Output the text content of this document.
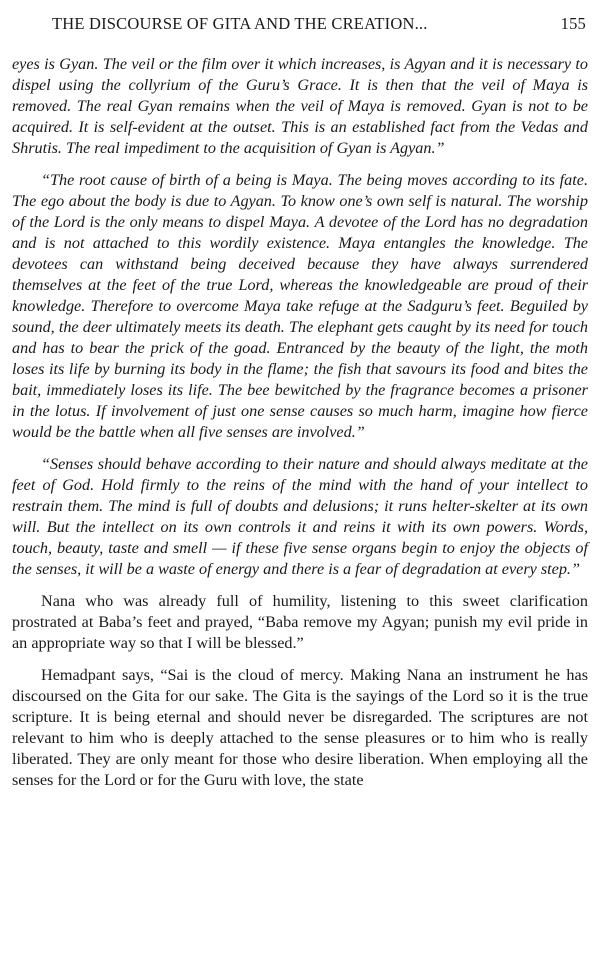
THE DISCOURSE OF GITA AND THE CREATION...	155

eyes is Gyan. The veil or the film over it which increases, is Agyan and it is necessary to dispel using the collyrium of the Guru’s Grace. It is then that the veil of Maya is removed. The real Gyan remains when the veil of Maya is removed. Gyan is not to be acquired. It is self-evident at the outset. This is an established fact from the Vedas and Shrutis. The real impediment to the acquisition of Gyan is Agyan.”

“The root cause of birth of a being is Maya. The being moves according to its fate. The ego about the body is due to Agyan. To know one’s own self is natural. The worship of the Lord is the only means to dispel Maya. A devotee of the Lord has no degradation and is not attached to this wordily existence. Maya entangles the knowledge. The devotees can withstand being deceived because they have always surrendered themselves at the feet of the true Lord, whereas the knowledgeable are proud of their knowledge. Therefore to overcome Maya take refuge at the Sadguru’s feet. Beguiled by sound, the deer ultimately meets its death. The elephant gets caught by its need for touch and has to bear the prick of the goad. Entranced by the beauty of the light, the moth loses its life by burning its body in the flame; the fish that savours its food and bites the bait, immediately loses its life. The bee bewitched by the fragrance becomes a prisoner in the lotus. If involvement of just one sense causes so much harm, imagine how fierce would be the battle when all five senses are involved.”

“Senses should behave according to their nature and should always meditate at the feet of God. Hold firmly to the reins of the mind with the hand of your intellect to restrain them. The mind is full of doubts and delusions; it runs helter-skelter at its own will. But the intellect on its own controls it and reins it with its own powers. Words, touch, beauty, taste and smell — if these five sense organs begin to enjoy the objects of the senses, it will be a waste of energy and there is a fear of degradation at every step.”

Nana who was already full of humility, listening to this sweet clarification prostrated at Baba’s feet and prayed, “Baba remove my Agyan; punish my evil pride in an appropriate way so that I will be blessed.”

Hemadpant says, “Sai is the cloud of mercy. Making Nana an instrument he has discoursed on the Gita for our sake. The Gita is the sayings of the Lord so it is the true scripture. It is being eternal and should never be disregarded. The scriptures are not relevant to him who is deeply attached to the sense pleasures or to him who is really liberated. They are only meant for those who desire liberation. When employing all the senses for the Lord or for the Guru with love, the state
